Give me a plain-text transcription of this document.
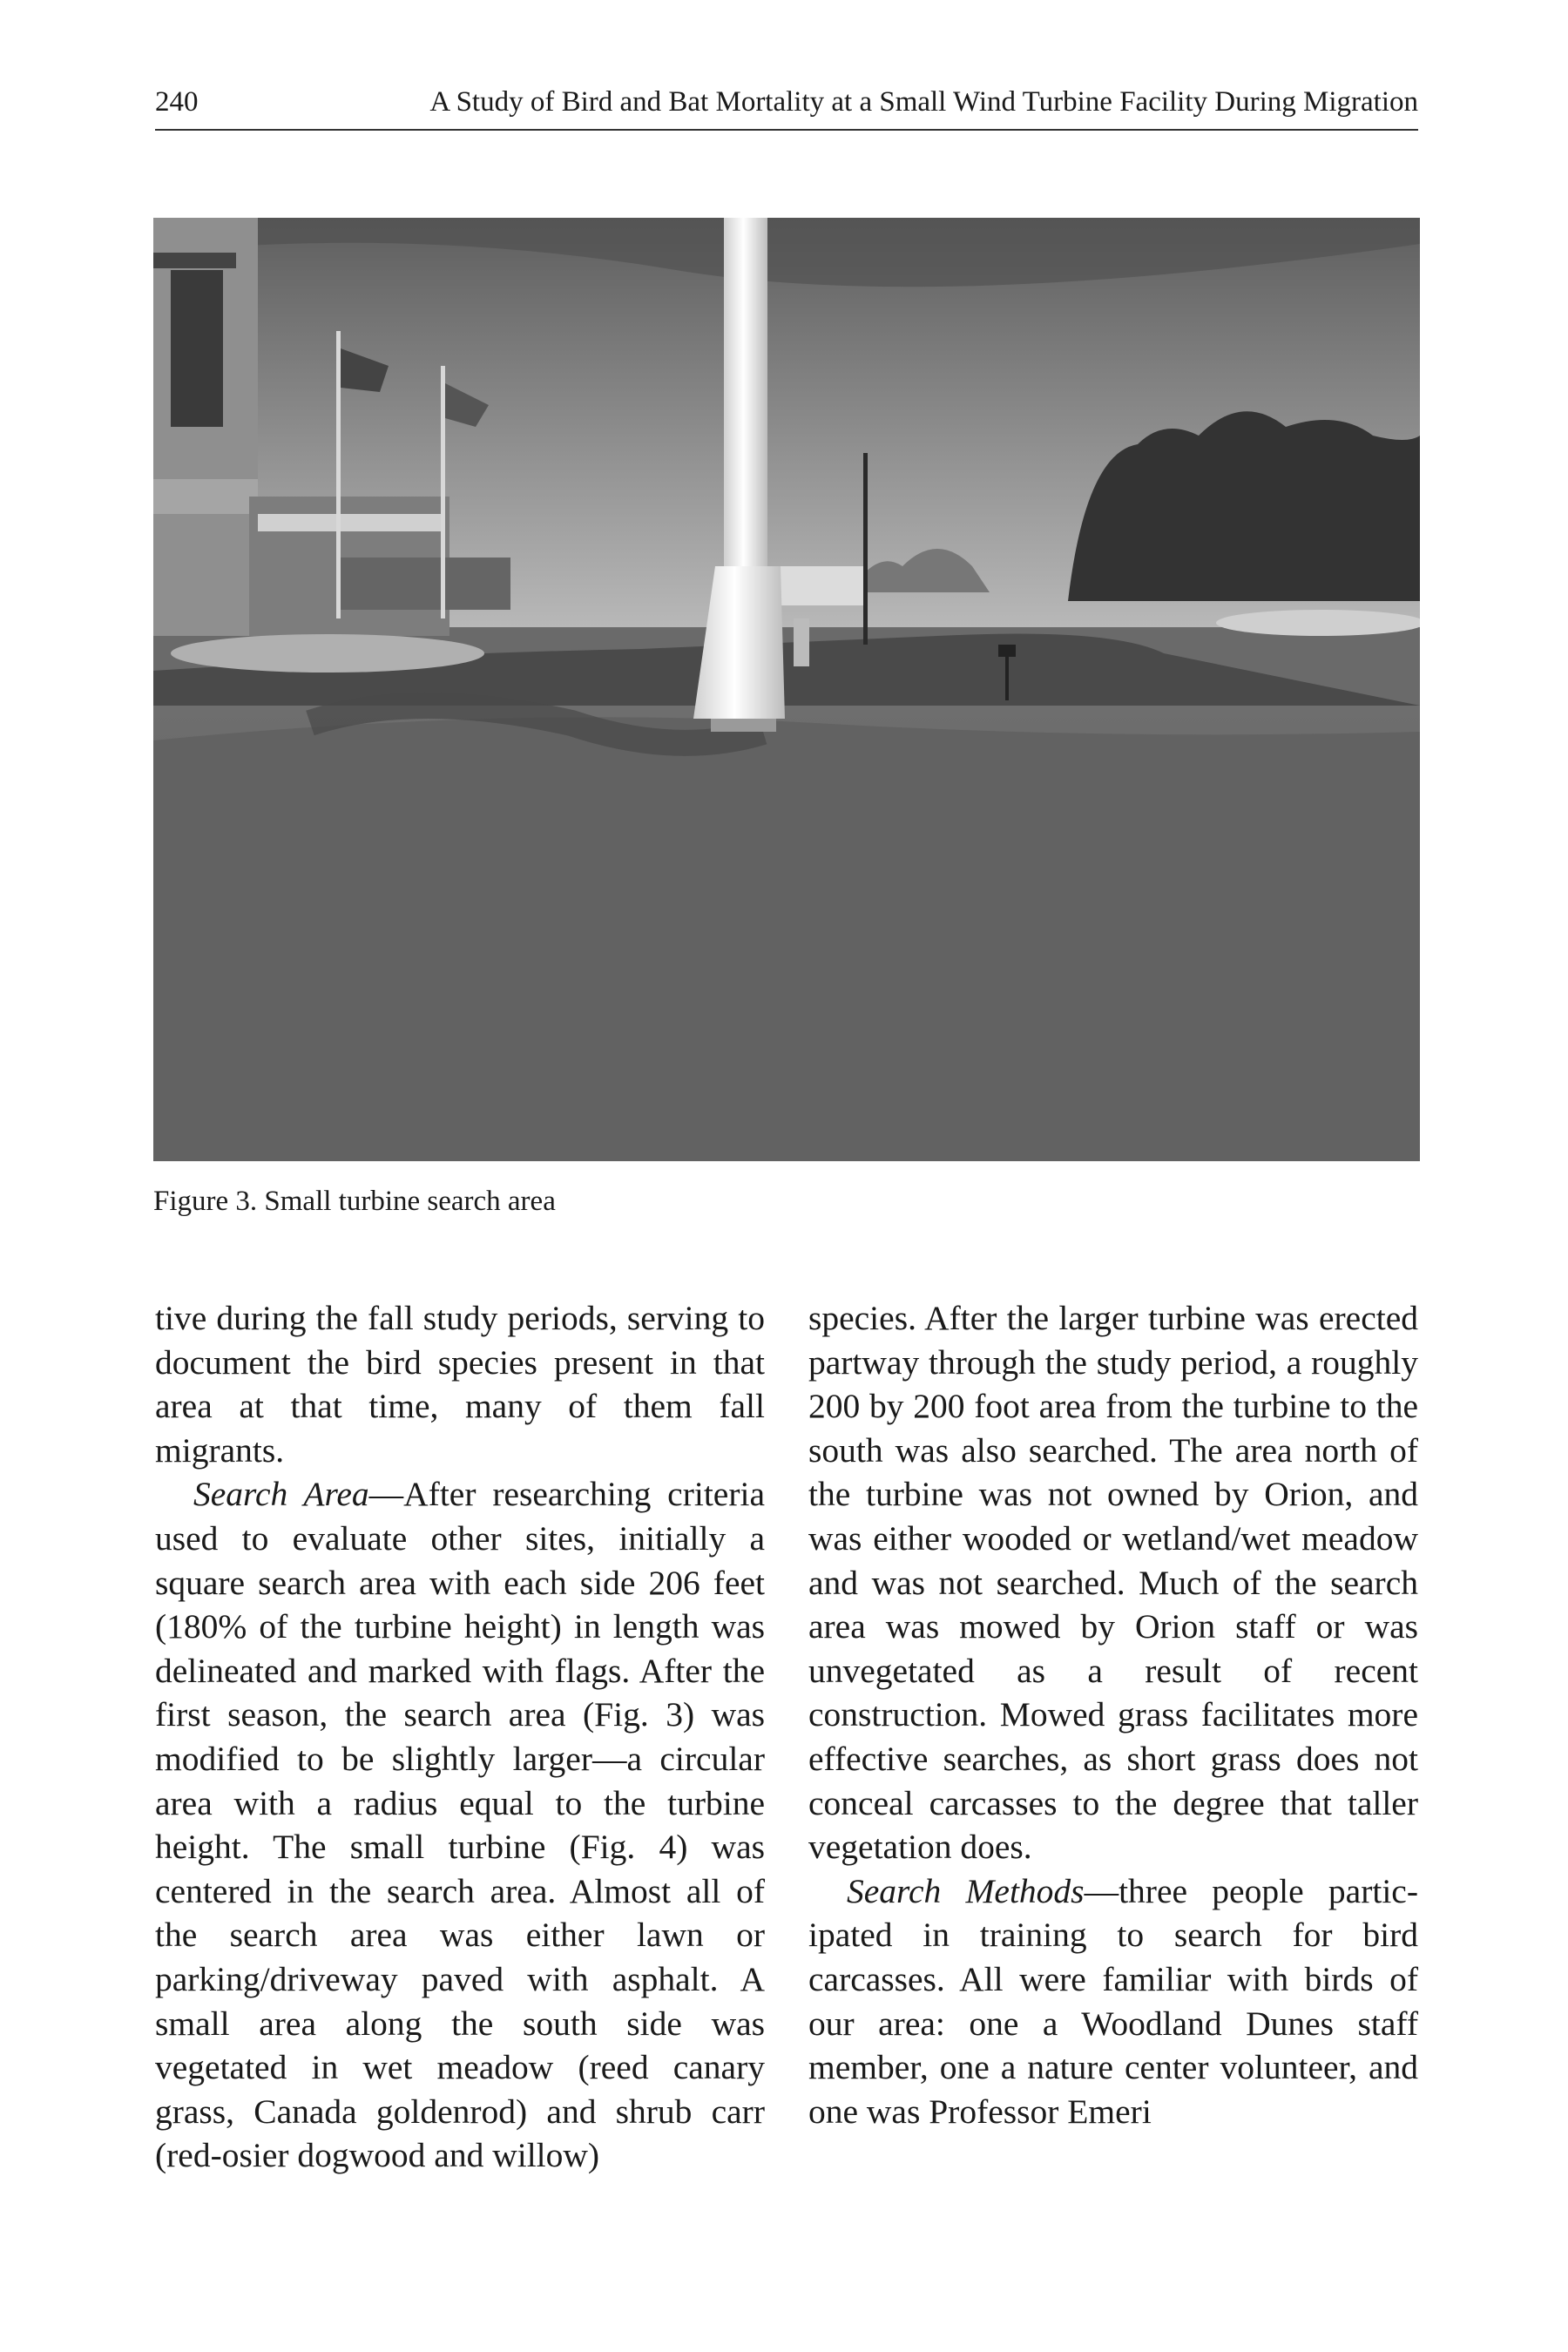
240	A Study of Bird and Bat Mortality at a Small Wind Turbine Facility During Migration
Figure 3. Small turbine search area

tive during the fall study periods, serving to document the bird species present in that area at that time, many of them fall migrants.

Search Area—After researching criteria used to evaluate other sites, initially a square search area with each side 206 feet (180% of the turbine height) in length was delineated and marked with flags. After the first season, the search area (Fig. 3) was modified to be slightly larger—a circular area with a radius equal to the turbine height. The small turbine (Fig. 4) was centered in the search area. Almost all of the search area was either lawn or parking/driveway paved with asphalt. A small area along the south side was vegetated in wet meadow (reed canary grass, Canada goldenrod) and shrub carr (red-osier dogwood and willow)

species. After the larger turbine was erected partway through the study period, a roughly 200 by 200 foot area from the turbine to the south was also searched. The area north of the turbine was not owned by Orion, and was either wooded or wetland/wet meadow and was not searched. Much of the search area was mowed by Orion staff or was unvegetated as a result of recent construction. Mowed grass facilitates more effective searches, as short grass does not conceal carcasses to the degree that taller vegetation does.

Search Methods—three people participated in training to search for bird carcasses. All were familiar with birds of our area: one a Woodland Dunes staff member, one a nature center volunteer, and one was Professor Emeri
